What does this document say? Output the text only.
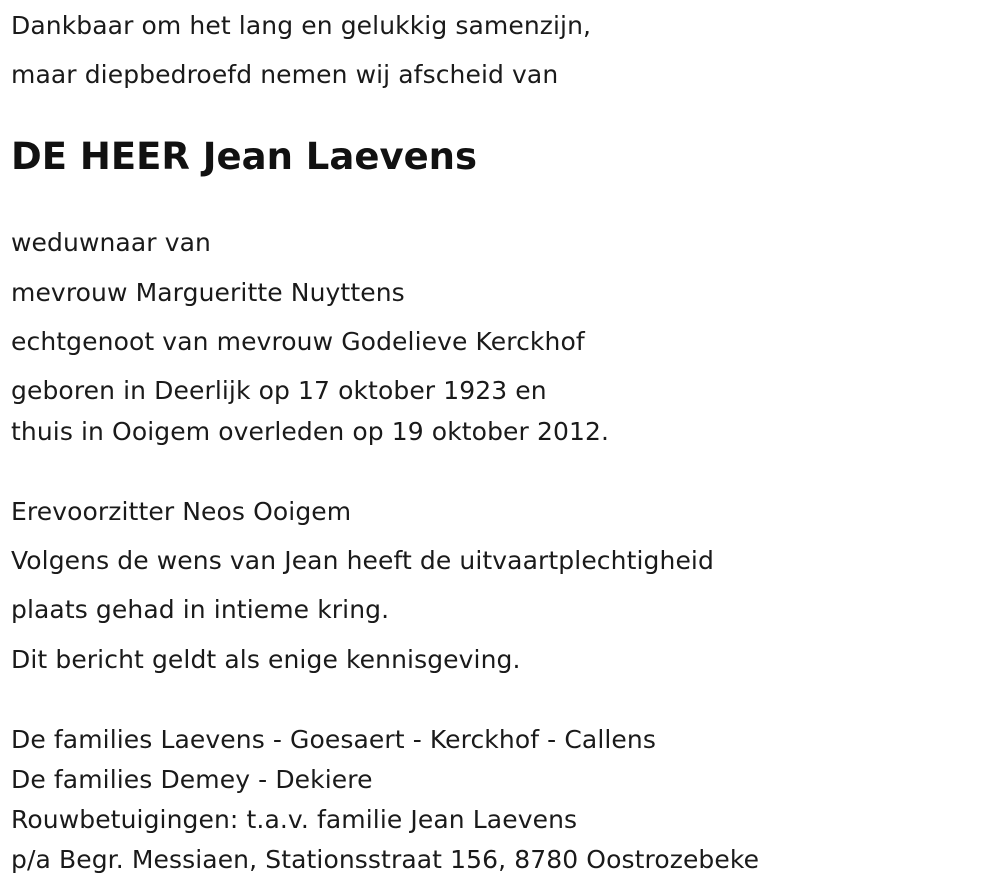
Dankbaar om het lang en gelukkig samenzijn,
maar diepbedroefd nemen wij afscheid van
DE HEER Jean Laevens
weduwnaar van
mevrouw Margueritte Nuyttens
echtgenoot van mevrouw Godelieve Kerckhof
geboren in Deerlijk op 17 oktober 1923 en
thuis in Ooigem overleden op 19 oktober 2012.
Erevoorzitter Neos Ooigem
Volgens de wens van Jean heeft de uitvaartplechtigheid
plaats gehad in intieme kring.
Dit bericht geldt als enige kennisgeving.
De families Laevens - Goesaert - Kerckhof - Callens
De families Demey - Dekiere
Rouwbetuigingen: t.a.v. familie Jean Laevens
p/a Begr. Messiaen, Stationsstraat 156, 8780 Oostrozebeke
